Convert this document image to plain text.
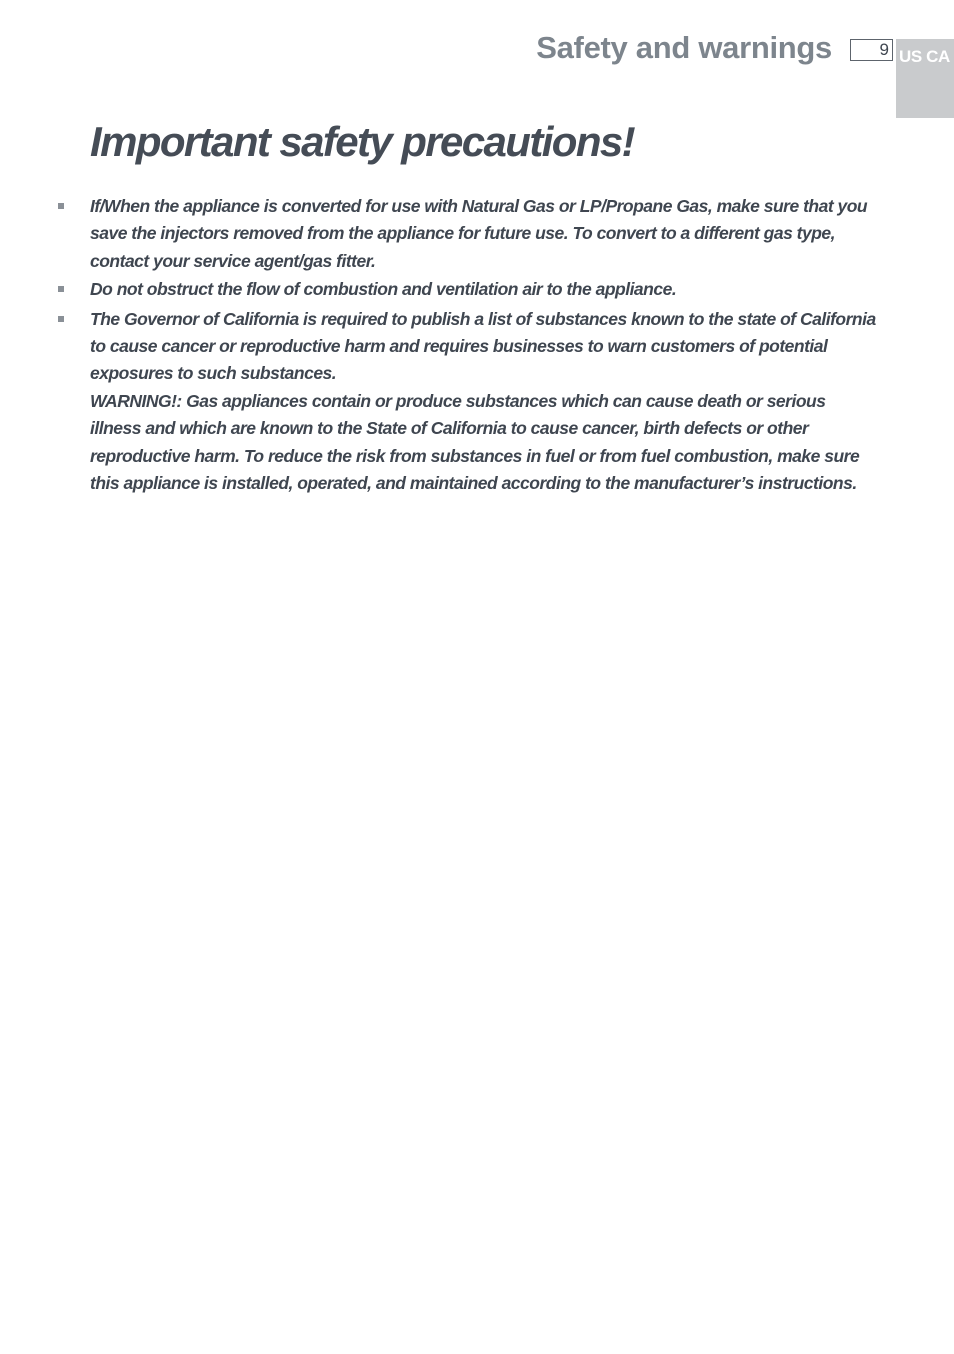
Safety and warnings	9 US CA
Important safety precautions!

If/When the appliance is converted for use with Natural Gas or LP/Propane Gas, make sure that you save the injectors removed from the appliance for future use. To convert to a different gas type, contact your service agent/gas fitter.

Do not obstruct the flow of combustion and ventilation air to the appliance.

The Governor of California is required to publish a list of substances known to the state of California to cause cancer or reproductive harm and requires businesses to warn customers of potential exposures to such substances.

WARNING!: Gas appliances contain or produce substances which can cause death or serious illness and which are known to the State of California to cause cancer, birth defects or other reproductive harm. To reduce the risk from substances in fuel or from fuel combustion, make sure this appliance is installed, operated, and maintained according to the manufacturer’s instructions.
